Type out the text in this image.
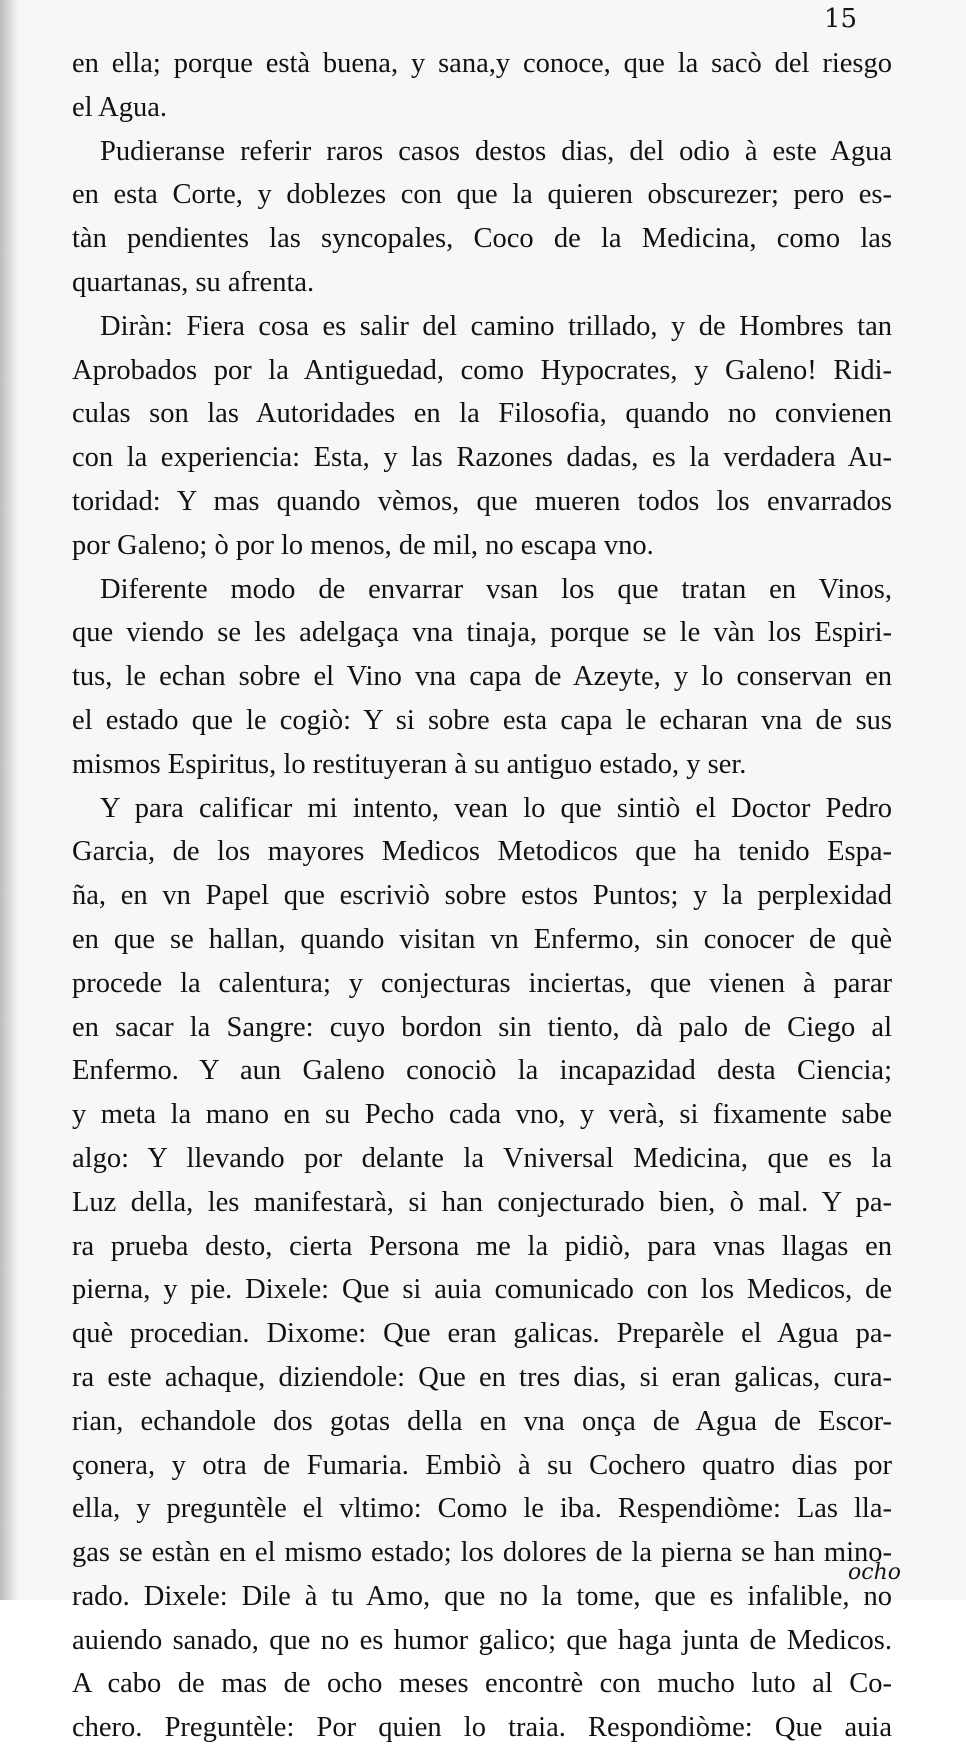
15
en ella; porque està buena, y sana,y conoce, que la sacò del riesgo
el Agua.
Pudieranse referir raros casos destos dias, del odio à este Agua
en esta Corte, y doblezes con que la quieren obscurezer; pero es-
tàn pendientes las syncopales, Coco de la Medicina, como las
quartanas, su afrenta.
Diràn: Fiera cosa es salir del camino trillado, y de Hombres tan
Aprobados por la Antiguedad, como Hypocrates, y Galeno! Ridi-
culas son las Autoridades en la Filosofia, quando no convienen
con la experiencia: Esta, y las Razones dadas, es la verdadera Au-
toridad: Y mas quando vèmos, que mueren todos los envarrados
por Galeno; ò por lo menos, de mil, no escapa vno.
Diferente modo de envarrar vsan los que tratan en Vinos,
que viendo se les adelgaça vna tinaja, porque se le vàn los Espiri-
tus, le echan sobre el Vino vna capa de Azeyte, y lo conservan en
el estado que le cogiò: Y si sobre esta capa le echaran vna de sus
mismos Espiritus, lo restituyeran à su antiguo estado, y ser.
Y para calificar mi intento, vean lo que sintiò el Doctor Pedro
Garcia, de los mayores Medicos Metodicos que ha tenido Espa-
ña, en vn Papel que escriviò sobre estos Puntos; y la perplexidad
en que se hallan, quando visitan vn Enfermo, sin conocer de què
procede la calentura; y conjecturas inciertas, que vienen à parar
en sacar la Sangre: cuyo bordon sin tiento, dà palo de Ciego al
Enfermo. Y aun Galeno conociò la incapazidad desta Ciencia;
y meta la mano en su Pecho cada vno, y verà, si fixamente sabe
algo: Y llevando por delante la Vniversal Medicina, que es la
Luz della, les manifestarà, si han conjecturado bien, ò mal. Y pa-
ra prueba desto, cierta Persona me la pidiò, para vnas llagas en
pierna, y pie. Dixele: Que si auia comunicado con los Medicos, de
què procedian. Dixome: Que eran galicas. Preparèle el Agua pa-
ra este achaque, diziendole: Que en tres dias, si eran galicas, cura-
rian, echandole dos gotas della en vna onça de Agua de Escor-
çonera, y otra de Fumaria. Embiò à su Cochero quatro dias por
ella, y preguntèle el vltimo: Como le iba. Respendiòme: Las lla-
gas se estàn en el mismo estado; los dolores de la pierna se han mino-
rado. Dixele: Dile à tu Amo, que no la tome, que es infalible, no
auiendo sanado, que no es humor galico; que haga junta de Medicos.
A cabo de mas de ocho meses encontrè con mucho luto al Co-
chero. Preguntèle: Por quien lo traia. Respondiòme: Que auia
ocho
